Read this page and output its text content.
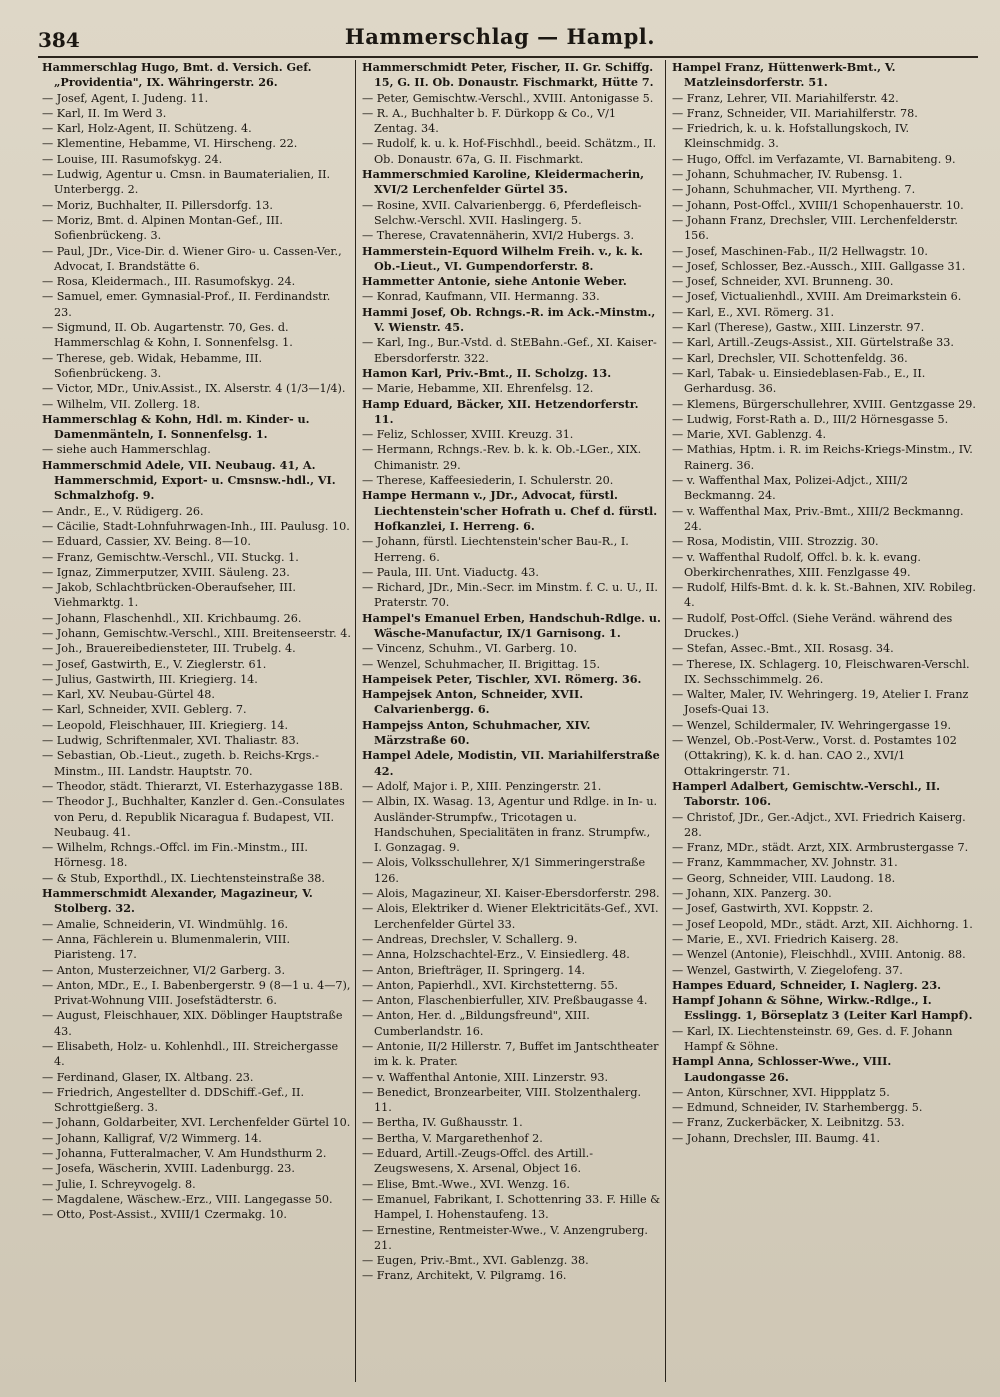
384	Hammerschlag — Hampl.
Hammerschlag Hugo, Bmt. d. Versich. Gef. „Providentia", IX. Währingerstr. 26.
— Josef, Agent, I. Judeng. 11.
— Karl, II. Im Werd 3.
— Karl, Holz-Agent, II. Schützeng. 4.
— Klementine, Hebamme, VI. Hirscheng. 22.
— Louise, III. Rasumofskyg. 24.
— Ludwig, Agentur u. Cmsn. in Baumaterialien, II. Unterbergg. 2.
— Moriz, Buchhalter, II. Pillersdorfg. 13.
— Moriz, Bmt. d. Alpinen Montan-Gef., III. Sofienbrückeng. 3.
— Paul, JDr., Vice-Dir. d. Wiener Giro- u. Cassen-Ver., Advocat, I. Brandstätte 6.
— Rosa, Kleidermach., III. Rasumofskyg. 24.
— Samuel, emer. Gymnasial-Prof., II. Ferdinandstr. 23.
— Sigmund, II. Ob. Augartenstr. 70, Ges. d. Hammerschlag & Kohn, I. Sonnenfelsg. 1.
— Therese, geb. Widak, Hebamme, III. Sofienbrückeng. 3.
— Victor, MDr., Univ.Assist., IX. Alserstr. 4 (1/3—1/4).
— Wilhelm, VII. Zollerg. 18.
Hammerschlag & Kohn, Hdl. m. Kinder- u. Damenmänteln, I. Sonnenfelsg. 1.
— siehe auch Hammerschlag.
Hammerschmid Adele, VII. Neubaug. 41, A. Hammerschmid, Export- u. Cmsnsw.-hdl., VI. Schmalzhofg. 9.
— Andr., E., V. Rüdigerg. 26.
— Cäcilie, Stadt-Lohnfuhrwagen-Inh., III. Paulusg. 10.
— Eduard, Cassier, XV. Being. 8—10.
— Franz, Gemischtw.-Verschl., VII. Stuckg. 1.
— Ignaz, Zimmerputzer, XVIII. Säuleng. 23.
— Jakob, Schlachtbrücken-Oberaufseher, III. Viehmarktg. 1.
— Johann, Flaschenhdl., XII. Krichbaumg. 26.
— Johann, Gemischtw.-Verschl., XIII. Breitenseerstr. 4.
— Joh., Brauereibediensteter, III. Trubelg. 4.
— Josef, Gastwirth, E., V. Zieglerstr. 61.
— Julius, Gastwirth, III. Kriegierg. 14.
— Karl, XV. Neubau-Gürtel 48.
— Karl, Schneider, XVII. Geblerg. 7.
— Leopold, Fleischhauer, III. Kriegierg. 14.
— Ludwig, Schriftenmaler, XVI. Thaliastr. 83.
— Sebastian, Ob.-Lieut., zugeth. b. Reichs-Krgs.-Minstm., III. Landstr. Hauptstr. 70.
— Theodor, städt. Thierarzt, VI. Esterhazygasse 18B.
— Theodor J., Buchhalter, Kanzler d. Gen.-Consulates von Peru, d. Republik Nicaragua f. Budapest, VII. Neubaug. 41.
— Wilhelm, Rchngs.-Offcl. im Fin.-Minstm., III. Hörnesg. 18.
— & Stub, Exporthdl., IX. Liechtensteinstraße 38.
Hammerschmidt Alexander, Magazineur, V. Stolberg. 32.
— Amalie, Schneiderin, VI. Windmühlg. 16.
— Anna, Fächlerein u. Blumenmalerin, VIII. Piaristeng. 17.
— Anton, Musterzeichner, VI/2 Garberg. 3.
— Anton, MDr., E., I. Babenbergerstr. 9 (8—1 u. 4—7), Privat-Wohnung VIII. Josefstädterstr. 6.
— August, Fleischhauer, XIX. Döblinger Hauptstraße 43.
— Elisabeth, Holz- u. Kohlenhdl., III. Streichergasse 4.
— Ferdinand, Glaser, IX. Altbang. 23.
— Friedrich, Angestellter d. DDSchiff.-Gef., II. Schrottgießerg. 3.
— Johann, Goldarbeiter, XVI. Lerchenfelder Gürtel 10.
— Johann, Kalligraf, V/2 Wimmerg. 14.
— Johanna, Futteralmacher, V. Am Hundsthurm 2.
— Josefa, Wäscherin, XVIII. Ladenburgg. 23.
— Julie, I. Schreyvogelg. 8.
— Magdalene, Wäschew.-Erz., VIII. Langegasse 50.
— Otto, Post-Assist., XVIII/1 Czermakg. 10.
Hammerschmidt Peter, Fischer, II. Gr. Schiffg. 15, G. II. Ob. Donaustr. Fischmarkt, Hütte 7.
— Peter, Gemischtw.-Verschl., XVIII. Antonigasse 5.
— R. A., Buchhalter b. F. Dürkopp & Co., V/1 Zentag. 34.
— Rudolf, k. u. k. Hof-Fischhdl., beeid. Schätzm., II. Ob. Donaustr. 67a, G. II. Fischmarkt.
Hammerschmied Karoline, Kleidermacherin, XVI/2 Lerchenfelder Gürtel 35.
— Rosine, XVII. Calvarienbergg. 6, Pferdefleisch-Selchw.-Verschl. XVII. Haslingerg. 5.
— Therese, Cravatennäherin, XVI/2 Hubergs. 3.
Hammerstein-Equord Wilhelm Freih. v., k. k. Ob.-Lieut., VI. Gumpendorferstr. 8.
Hammetter Antonie, siehe Antonie Weber.
— Konrad, Kaufmann, VII. Hermanng. 33.
Hammi Josef, Ob. Rchngs.-R. im Ack.-Minstm., V. Wienstr. 45.
— Karl, Ing., Bur.-Vstd. d. StEBahn.-Gef., XI. Kaiser-Ebersdorferstr. 322.
Hamon Karl, Priv.-Bmt., II. Scholzg. 13.
— Marie, Hebamme, XII. Ehrenfelsg. 12.
Hamp Eduard, Bäcker, XII. Hetzendorferstr. 11.
— Feliz, Schlosser, XVIII. Kreuzg. 31.
— Hermann, Rchngs.-Rev. b. k. k. Ob.-LGer., XIX. Chimanistr. 29.
— Therese, Kaffeesiederin, I. Schulerstr. 20.
Hampe Hermann v., JDr., Advocat, fürstl. Liechtenstein'scher Hofrath u. Chef d. fürstl. Hofkanzlei, I. Herreng. 6.
— Johann, fürstl. Liechtenstein'scher Bau-R., I. Herreng. 6.
— Paula, III. Unt. Viaductg. 43.
— Richard, JDr., Min.-Secr. im Minstm. f. C. u. U., II. Praterstr. 70.
Hampel's Emanuel Erben, Handschuh-Rdlge. u. Wäsche-Manufactur, IX/1 Garnisong. 1.
— Vincenz, Schuhm., VI. Garberg. 10.
— Wenzel, Schuhmacher, II. Brigittag. 15.
Hampeisek Peter, Tischler, XVI. Römerg. 36.
Hampejsek Anton, Schneider, XVII. Calvarienbergg. 6.
Hampejss Anton, Schuhmacher, XIV. Märzstraße 60.
Hampel Adele, Modistin, VII. Mariahilferstraße 42.
— Adolf, Major i. P., XIII. Penzingerstr. 21.
— Albin, IX. Wasag. 13, Agentur und Rdlge. in In- u. Ausländer-Strumpfw., Tricotagen u. Handschuhen, Specialitäten in franz. Strumpfw., I. Gonzagag. 9.
— Alois, Volksschullehrer, X/1 Simmeringerstraße 126.
— Alois, Magazineur, XI. Kaiser-Ebersdorferstr. 298.
— Alois, Elektriker d. Wiener Elektricitäts-Gef., XVI. Lerchenfelder Gürtel 33.
— Andreas, Drechsler, V. Schallerg. 9.
— Anna, Holzschachtel-Erz., V. Einsiedlerg. 48.
— Anton, Briefträger, II. Springerg. 14.
— Anton, Papierhdl., XVI. Kirchstetterng. 55.
— Anton, Flaschenbierfuller, XIV. Preßbaugasse 4.
— Anton, Her. d. „Bildungsfreund", XIII. Cumberlandstr. 16.
— Antonie, II/2 Hillerstr. 7, Buffet im Jantschtheater im k. k. Prater.
— v. Waffenthal Antonie, XIII. Linzerstr. 93.
— Benedict, Bronzearbeiter, VIII. Stolzenthalerg. 11.
— Bertha, IV. Gußhausstr. 1.
— Bertha, V. Margarethenhof 2.
— Eduard, Artill.-Zeugs-Offcl. des Artill.-Zeugswesens, X. Arsenal, Object 16.
— Elise, Bmt.-Wwe., XVI. Wenzg. 16.
— Emanuel, Fabrikant, I. Schottenring 33. F. Hille & Hampel, I. Hohenstaufeng. 13.
— Ernestine, Rentmeister-Wwe., V. Anzengruberg. 21.
— Eugen, Priv.-Bmt., XVI. Gablenzg. 38.
— Franz, Architekt, V. Pilgramg. 16.
Hampel Franz, Hüttenwerk-Bmt., V. Matzleinsdorferstr. 51.
— Franz, Lehrer, VII. Mariahilferstr. 42.
— Franz, Schneider, VII. Mariahilferstr. 78.
— Friedrich, k. u. k. Hofstallungskoch, IV. Kleinschmidg. 3.
— Hugo, Offcl. im Verfazamte, VI. Barnabiteng. 9.
— Johann, Schuhmacher, IV. Rubensg. 1.
— Johann, Schuhmacher, VII. Myrtheng. 7.
— Johann, Post-Offcl., XVIII/1 Schopenhauerstr. 10.
— Johann Franz, Drechsler, VIII. Lerchenfelderstr. 156.
— Josef, Maschinen-Fab., II/2 Hellwagstr. 10.
— Josef, Schlosser, Bez.-Aussch., XIII. Gallgasse 31.
— Josef, Schneider, XVI. Brunneng. 30.
— Josef, Victualienhdl., XVIII. Am Dreimarkstein 6.
— Karl, E., XVI. Römerg. 31.
— Karl (Therese), Gastw., XIII. Linzerstr. 97.
— Karl, Artill.-Zeugs-Assist., XII. Gürtelstraße 33.
— Karl, Drechsler, VII. Schottenfeldg. 36.
— Karl, Tabak- u. Einsiedeblasen-Fab., E., II. Gerhardusg. 36.
— Klemens, Bürgerschullehrer, XVIII. Gentzgasse 29.
— Ludwig, Forst-Rath a. D., III/2 Hörnesgasse 5.
— Marie, XVI. Gablenzg. 4.
— Mathias, Hptm. i. R. im Reichs-Kriegs-Minstm., IV. Rainerg. 36.
— v. Waffenthal Max, Polizei-Adjct., XIII/2 Beckmanng. 24.
— v. Waffenthal Max, Priv.-Bmt., XIII/2 Beckmanng. 24.
— Rosa, Modistin, VIII. Strozzig. 30.
— v. Waffenthal Rudolf, Offcl. b. k. k. evang. Oberkirchenrathes, XIII. Fenzlgasse 49.
— Rudolf, Hilfs-Bmt. d. k. k. St.-Bahnen, XIV. Robileg. 4.
— Rudolf, Post-Offcl. (Siehe Veränd. während des Druckes.)
— Stefan, Assec.-Bmt., XII. Rosasg. 34.
— Therese, IX. Schlagerg. 10, Fleischwaren-Verschl. IX. Sechsschimmelg. 26.
— Walter, Maler, IV. Wehringerg. 19, Atelier I. Franz Josefs-Quai 13.
— Wenzel, Schildermaler, IV. Wehringergasse 19.
— Wenzel, Ob.-Post-Verw., Vorst. d. Postamtes 102 (Ottakring), K. k. d. han. CAO 2., XVI/1 Ottakringerstr. 71.
Hamperl Adalbert, Gemischtw.-Verschl., II. Taborstr. 106.
— Christof, JDr., Ger.-Adjct., XVI. Friedrich Kaiserg. 28.
— Franz, MDr., städt. Arzt, XIX. Armbrustergasse 7.
— Franz, Kammmacher, XV. Johnstr. 31.
— Georg, Schneider, VIII. Laudong. 18.
— Johann, XIX. Panzerg. 30.
— Josef, Gastwirth, XVI. Koppstr. 2.
— Josef Leopold, MDr., städt. Arzt, XII. Aichhorng. 1.
— Marie, E., XVI. Friedrich Kaiserg. 28.
— Wenzel (Antonie), Fleischhdl., XVIII. Antonig. 88.
— Wenzel, Gastwirth, V. Ziegelofeng. 37.
Hampes Eduard, Schneider, I. Naglerg. 23.
Hampf Johann & Söhne, Wirkw.-Rdlge., I. Esslingg. 1, Börseplatz 3 (Leiter Karl Hampf).
— Karl, IX. Liechtensteinstr. 69, Ges. d. F. Johann Hampf & Söhne.
Hampl Anna, Schlosser-Wwe., VIII. Laudongasse 26.
— Anton, Kürschner, XVI. Hippplatz 5.
— Edmund, Schneider, IV. Starhembergg. 5.
— Franz, Zuckerbäcker, X. Leibnitzg. 53.
— Johann, Drechsler, III. Baumg. 41.
